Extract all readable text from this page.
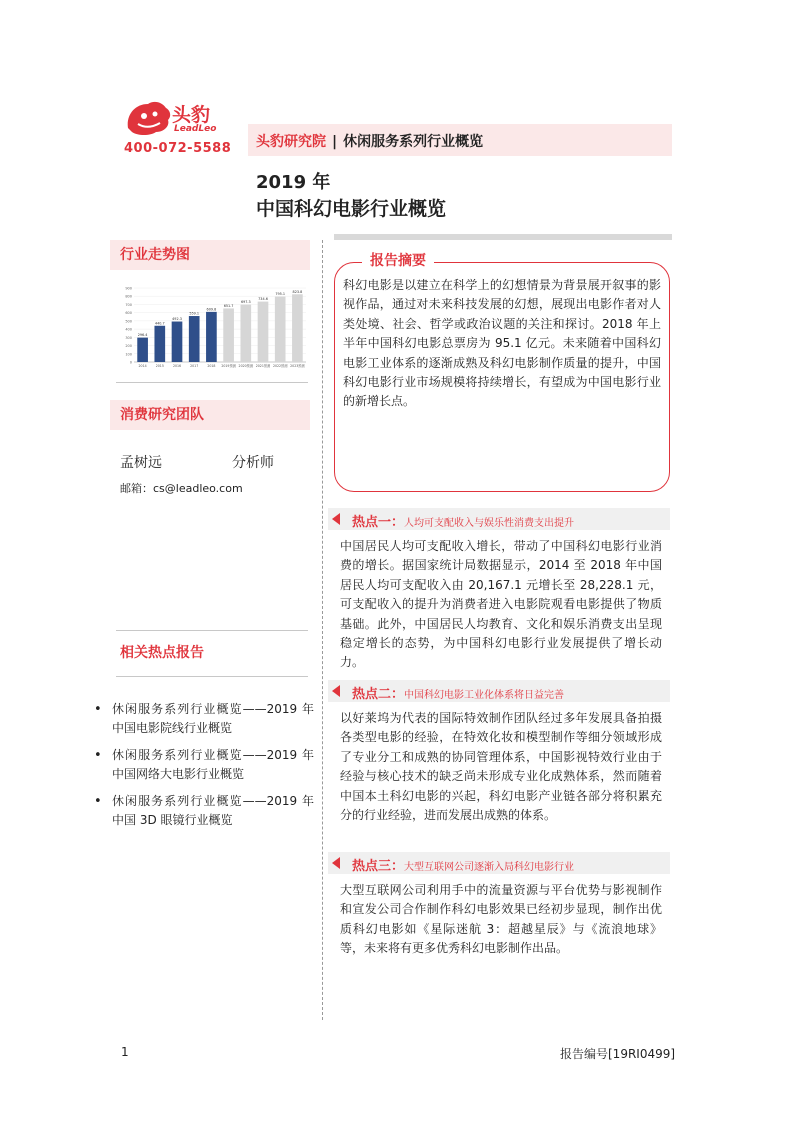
头豹
LeadLeo
400-072-5588 头豹研究院 | 休闲服务系列行业概览
2019 年
中国科幻电影行业概览
行业走势图
0
100
200
300
400
500
600
700
800
900
296.4
2014
440.7
2015
492.3
2016
559.1
2017
609.8
2018
651.7
2019预测
697.3
2020预测
734.6
2021预测
795.1
2022预测
823.8
2023预测
消费研究团队
孟树远	分析师
邮箱：cs@leadleo.com
相关热点报告
• 休闲服务系列行业概览——2019 年中国电影院线行业概览
• 休闲服务系列行业概览——2019 年中国网络大电影行业概览
• 休闲服务系列行业概览——2019 年中国 3D 眼镜行业概览
报告摘要
科幻电影是以建立在科学上的幻想情景为背景展开叙事的影视作品，通过对未来科技发展的幻想，展现出电影作者对人类处境、社会、哲学或政治议题的关注和探讨。2018 年上半年中国科幻电影总票房为 95.1 亿元。未来随着中国科幻电影工业体系的逐渐成熟及科幻电影制作质量的提升，中国科幻电影行业市场规模将持续增长，有望成为中国电影行业的新增长点。
热点一：人均可支配收入与娱乐性消费支出提升
中国居民人均可支配收入增长，带动了中国科幻电影行业消费的增长。据国家统计局数据显示，2014 至 2018 年中国居民人均可支配收入由 20,167.1 元增长至 28,228.1 元，可支配收入的提升为消费者进入电影院观看电影提供了物质基础。此外，中国居民人均教育、文化和娱乐消费支出呈现稳定增长的态势，为中国科幻电影行业发展提供了增长动力。
热点二：中国科幻电影工业化体系将日益完善
以好莱坞为代表的国际特效制作团队经过多年发展具备拍摄各类型电影的经验，在特效化妆和模型制作等细分领域形成了专业分工和成熟的协同管理体系，中国影视特效行业由于经验与核心技术的缺乏尚未形成专业化成熟体系，然而随着中国本土科幻电影的兴起，科幻电影产业链各部分将积累充分的行业经验，进而发展出成熟的体系。
热点三：大型互联网公司逐渐入局科幻电影行业
大型互联网公司利用手中的流量资源与平台优势与影视制作和宣发公司合作制作科幻电影效果已经初步显现，制作出优质科幻电影如《星际迷航 3：超越星辰》与《流浪地球》等，未来将有更多优秀科幻电影制作出品。
1	报告编号[19RI0499]
